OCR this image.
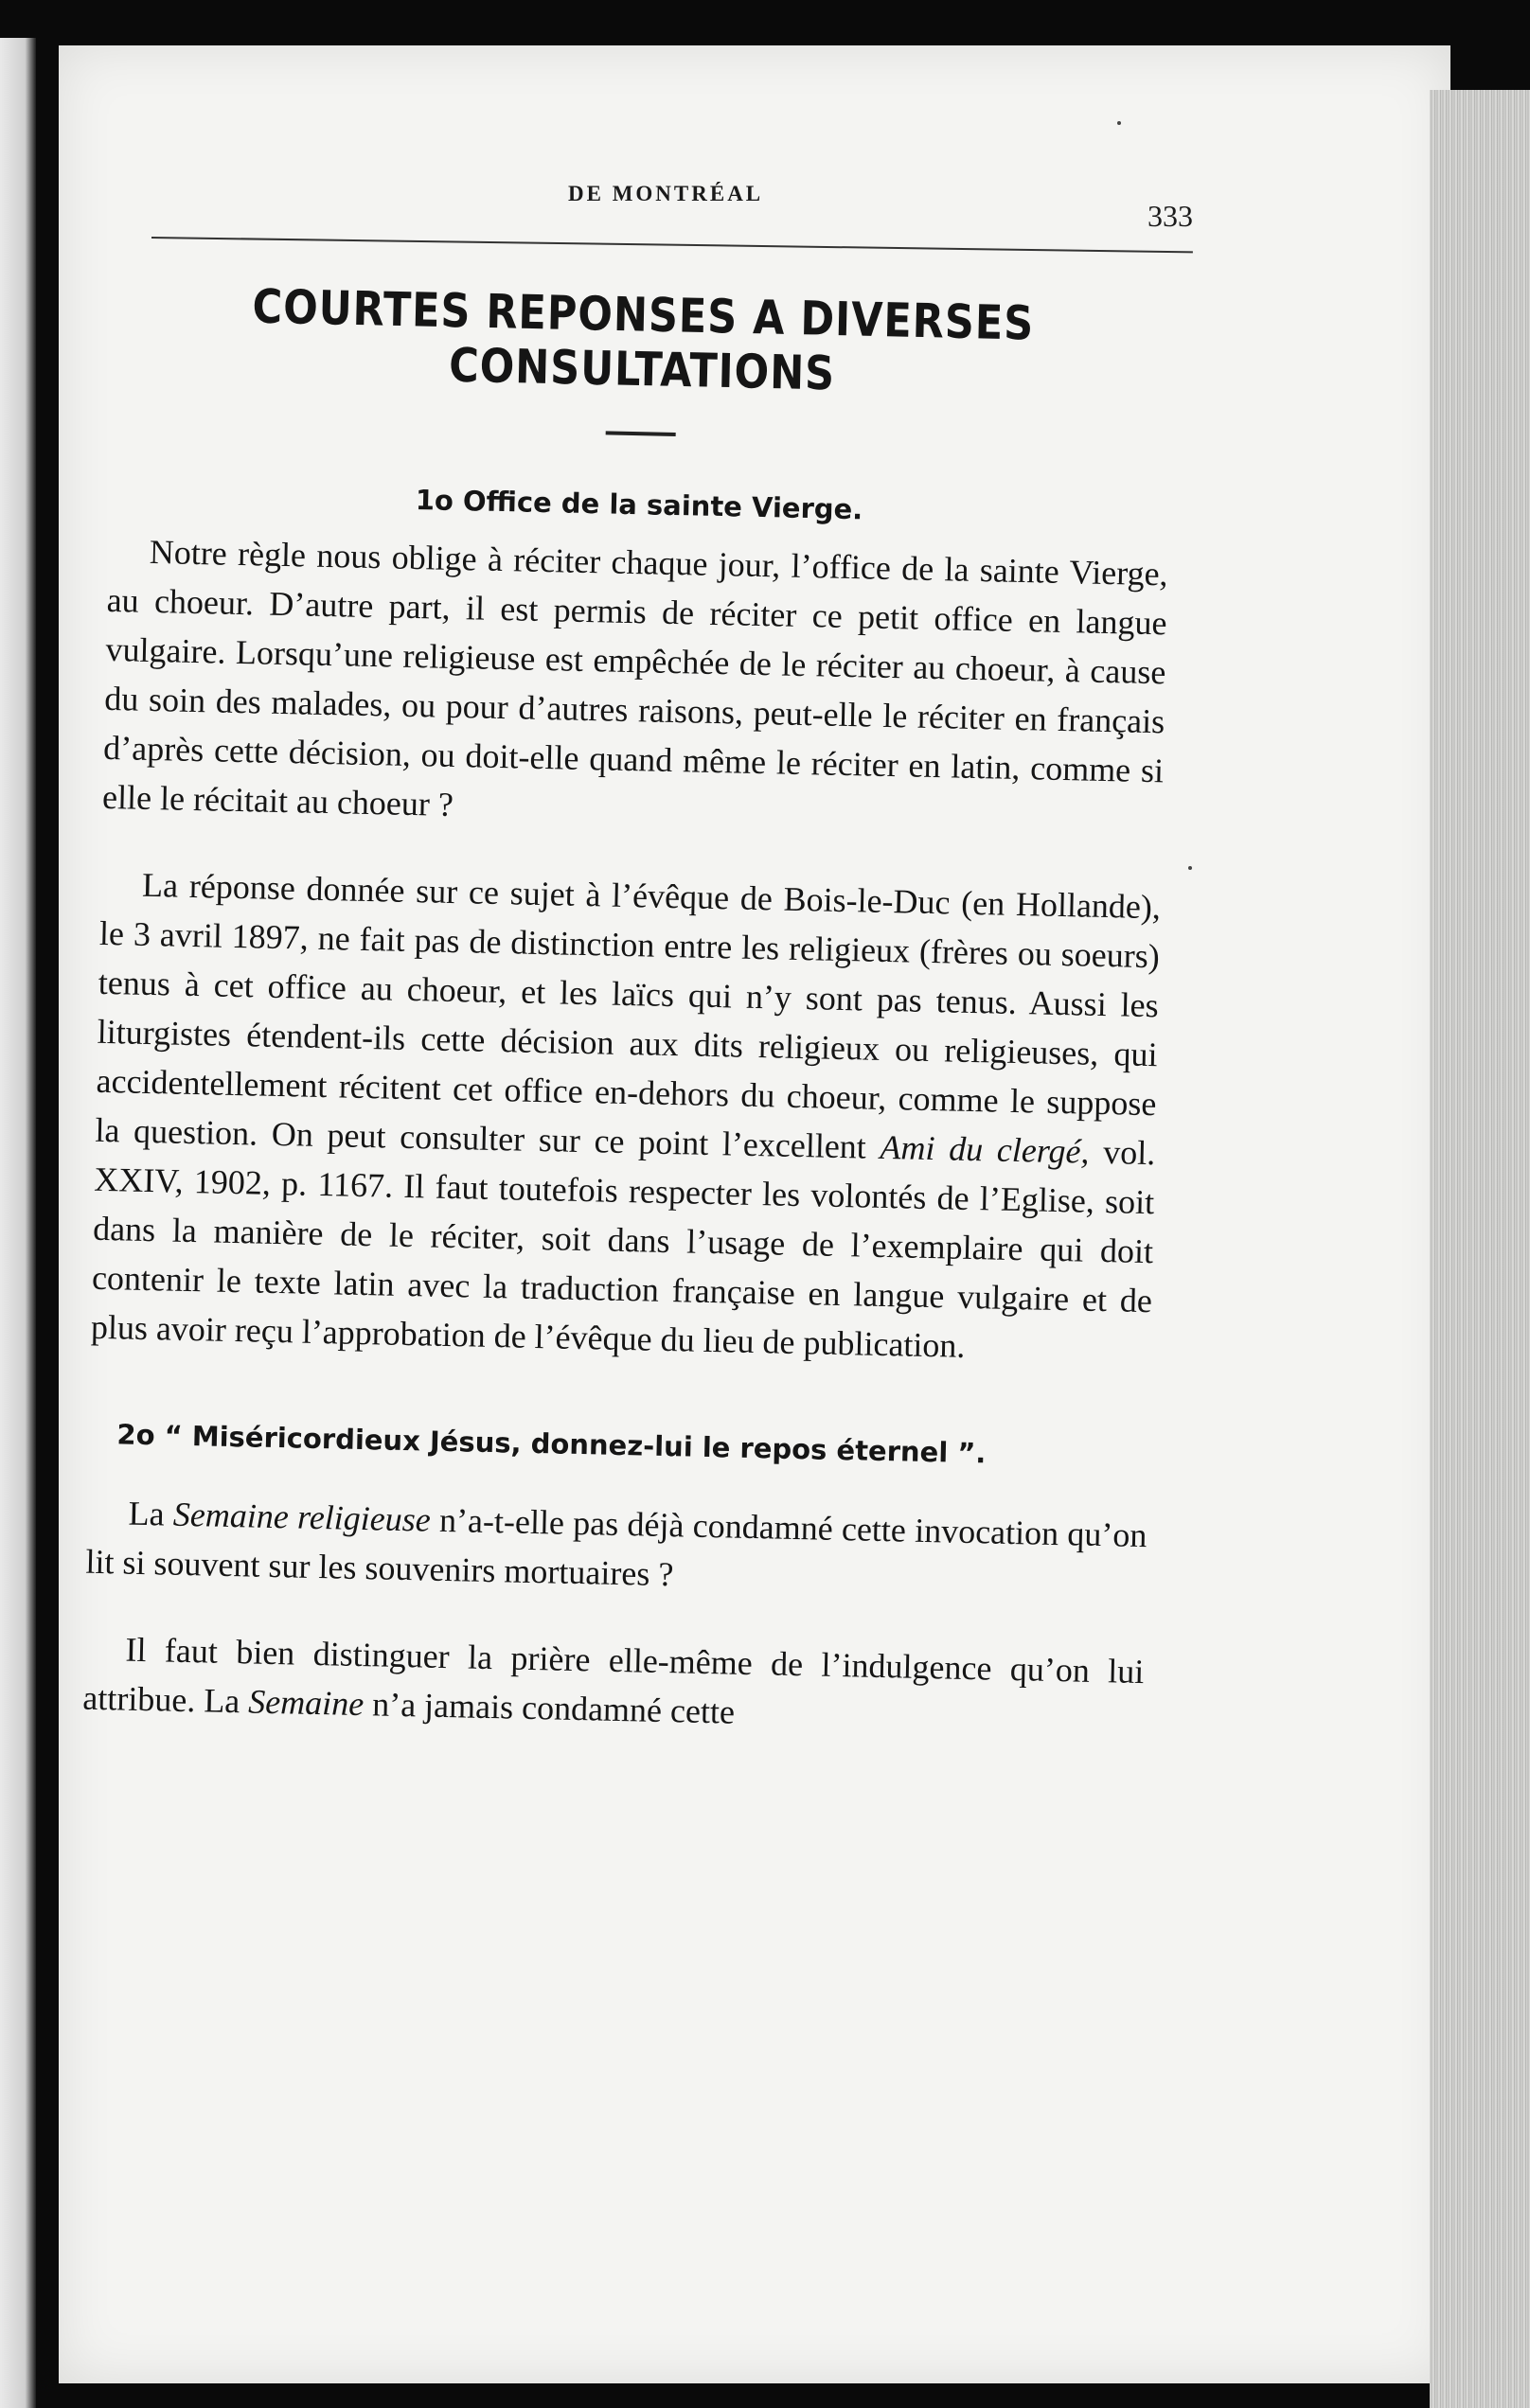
DE MONTRÉAL
333
COURTES REPONSES A DIVERSES CONSULTATIONS
1o Office de la sainte Vierge.

Notre règle nous oblige à réciter chaque jour, l’office de la sainte Vierge, au choeur. D’autre part, il est permis de réciter ce petit office en langue vulgaire. Lorsqu’une religieuse est empêchée de le réciter au choeur, à cause du soin des malades, ou pour d’autres raisons, peut-elle le réciter en français d’après cette décision, ou doit-elle quand même le réciter en latin, comme si elle le récitait au choeur ?

La réponse donnée sur ce sujet à l’évêque de Bois-le-Duc (en Hollande), le 3 avril 1897, ne fait pas de distinction entre les religieux (frères ou soeurs) tenus à cet office au choeur, et les laïcs qui n’y sont pas tenus. Aussi les liturgistes étendent-ils cette décision aux dits religieux ou religieuses, qui accidentellement récitent cet office en-dehors du choeur, comme le suppose la question. On peut consulter sur ce point l’excellent Ami du clergé, vol. XXIV, 1902, p. 1167. Il faut toutefois respecter les volontés de l’Eglise, soit dans la manière de le réciter, soit dans l’usage de l’exemplaire qui doit contenir le texte latin avec la traduction française en langue vulgaire et de plus avoir reçu l’approbation de l’évêque du lieu de publication.

2o “ Miséricordieux Jésus, donnez-lui le repos éternel ”.

La Semaine religieuse n’a-t-elle pas déjà condamné cette invocation qu’on lit si souvent sur les souvenirs mortuaires ?

Il faut bien distinguer la prière elle-même de l’indulgence qu’on lui attribue. La Semaine n’a jamais condamné cette
